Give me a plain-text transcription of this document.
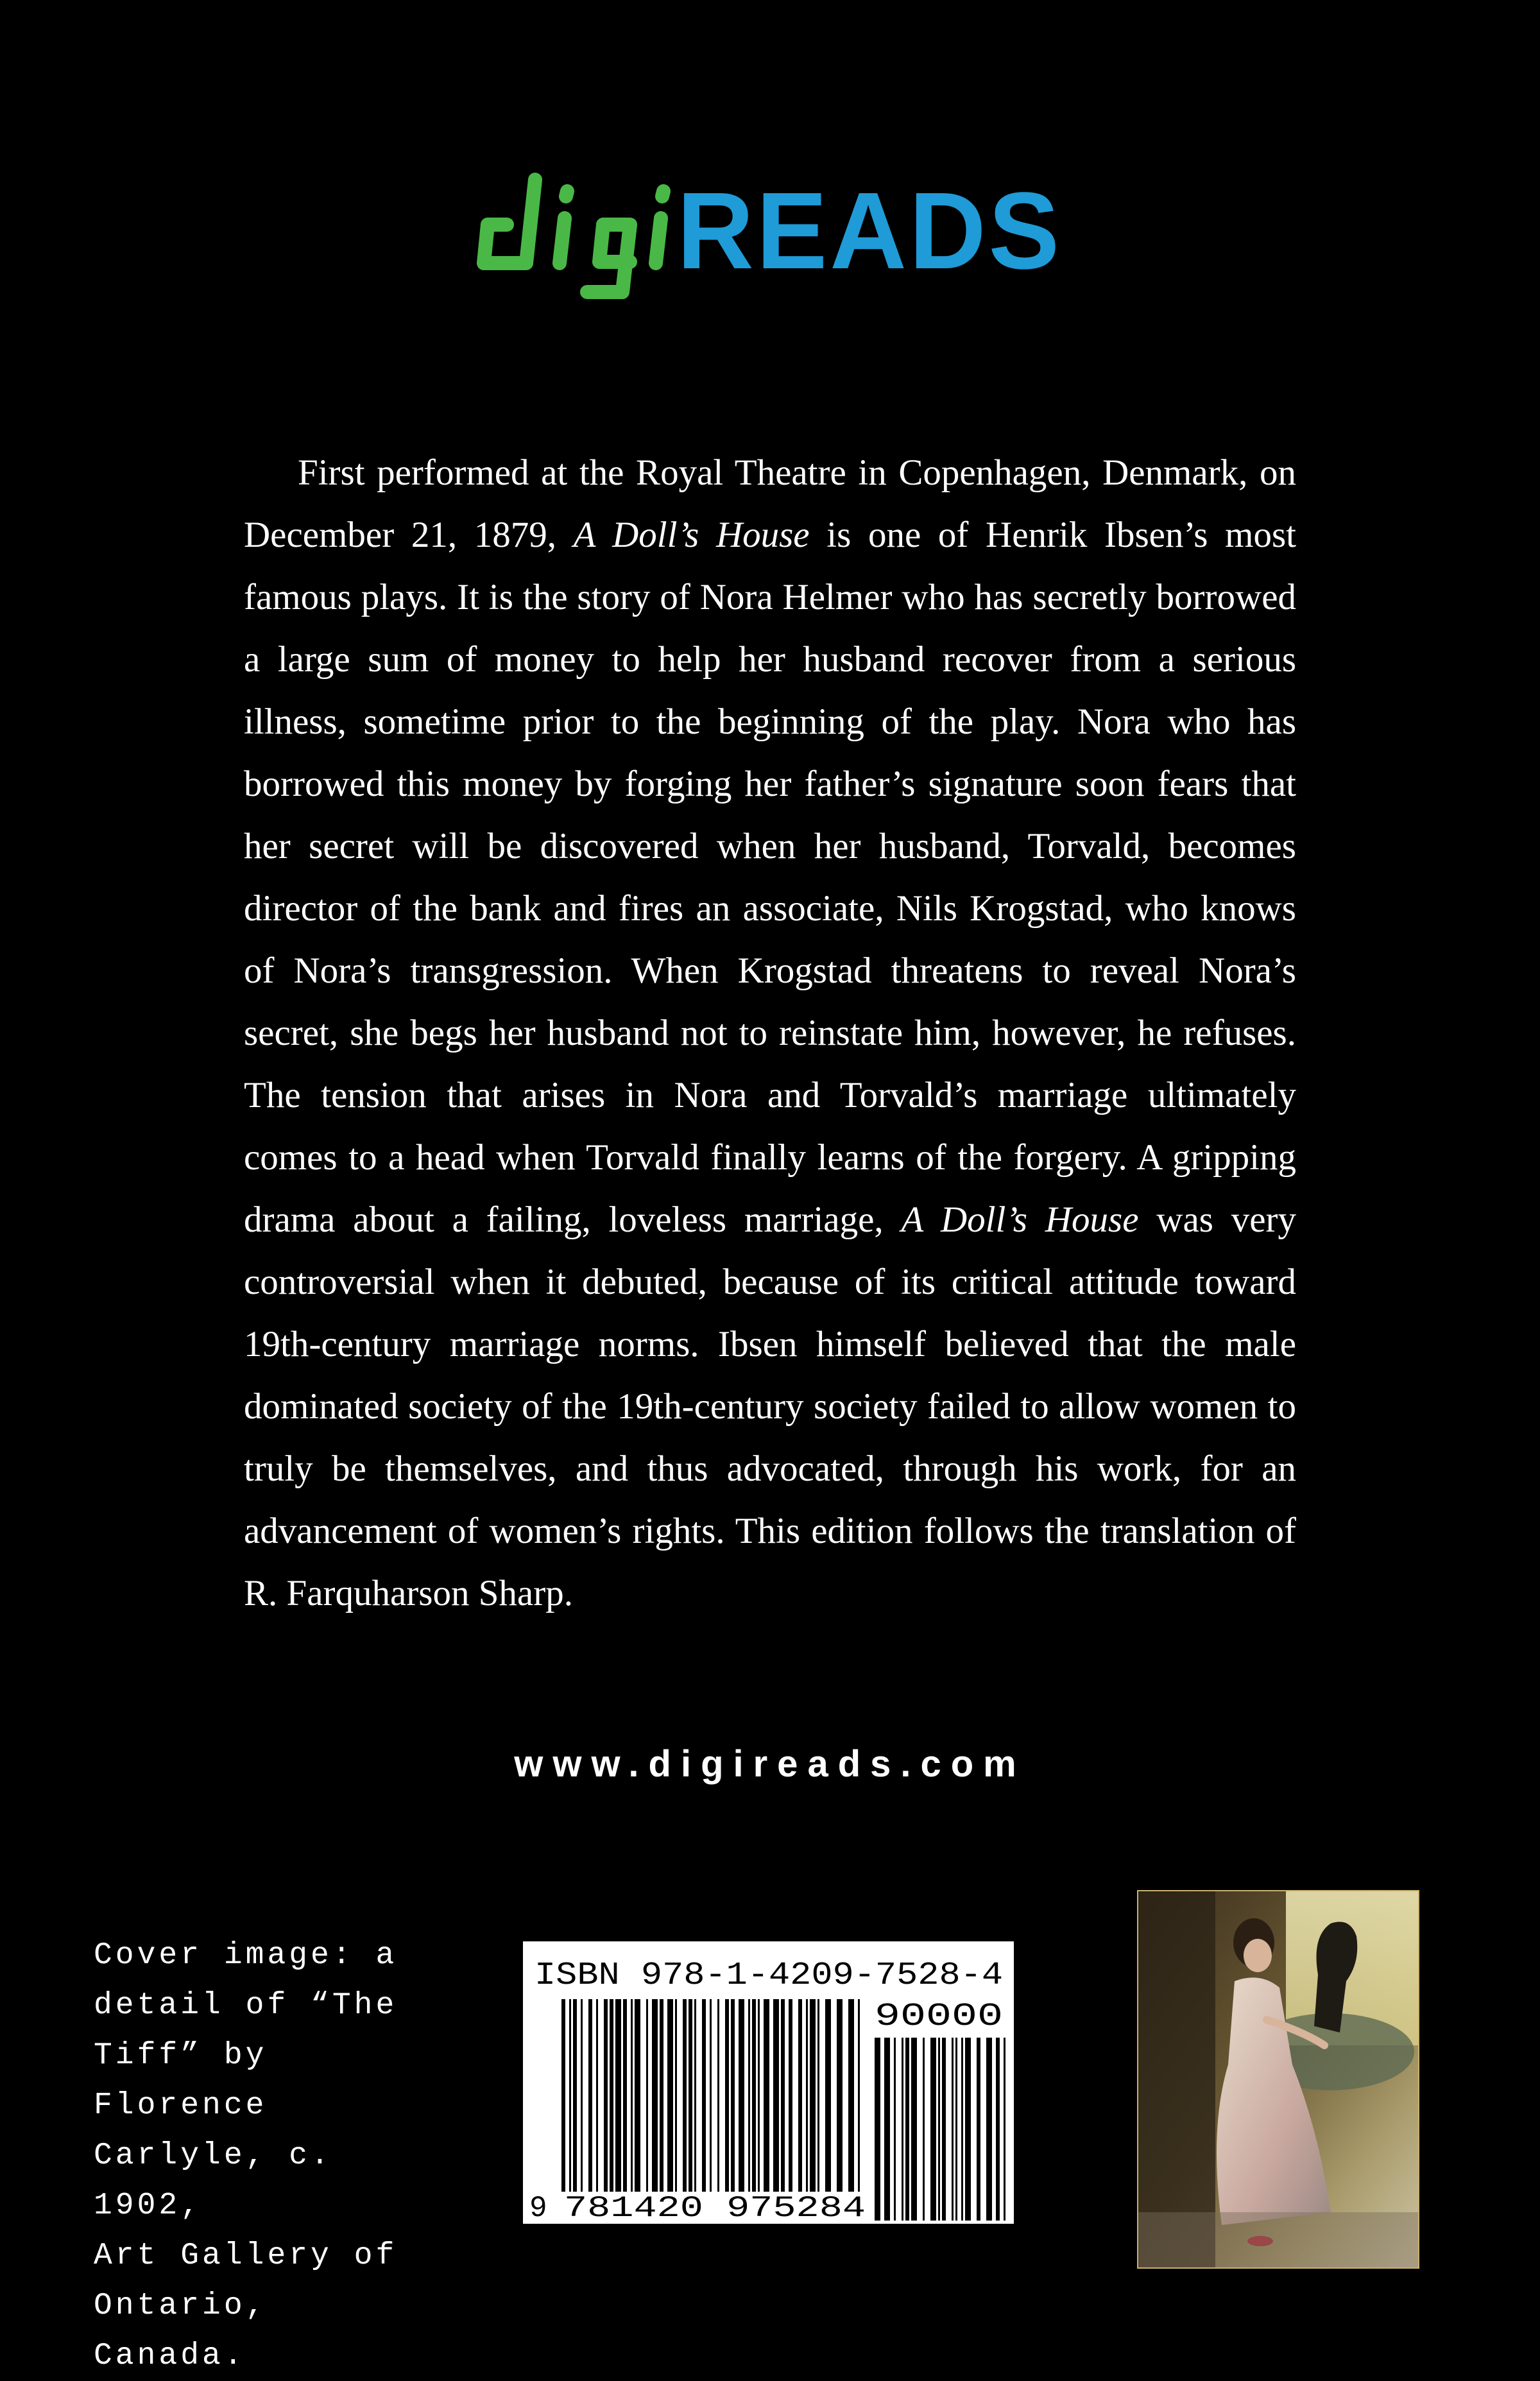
READS

First performed at the Royal Theatre in Copenhagen, Denmark, on December 21, 1879, A Doll’s House is one of Henrik Ibsen’s most famous plays. It is the story of Nora Helmer who has secretly borrowed a large sum of money to help her husband recover from a serious illness, sometime prior to the beginning of the play. Nora who has borrowed this money by forging her father’s signature soon fears that her secret will be discovered when her husband, Torvald, becomes director of the bank and fires an associate, Nils Krogstad, who knows of Nora’s transgression. When Krogstad threatens to reveal Nora’s secret, she begs her husband not to reinstate him, however, he refuses. The tension that arises in Nora and Torvald’s marriage ultimately comes to a head when Torvald finally learns of the forgery. A gripping drama about a failing, loveless marriage, A Doll’s House was very controversial when it debuted, because of its critical attitude toward 19th-century marriage norms. Ibsen himself believed that the male dominated society of the 19th-century society failed to allow women to truly be themselves, and thus advocated, through his work, for an advancement of women’s rights. This edition follows the translation of R. Farquharson Sharp.

www.digireads.com
Cover image: a
detail of “The
Tiff” by Florence
Carlyle, c. 1902,
Art Gallery of
Ontario, Canada.
ISBN 978-1-4209-7528-4
90000
9 781420 975284
